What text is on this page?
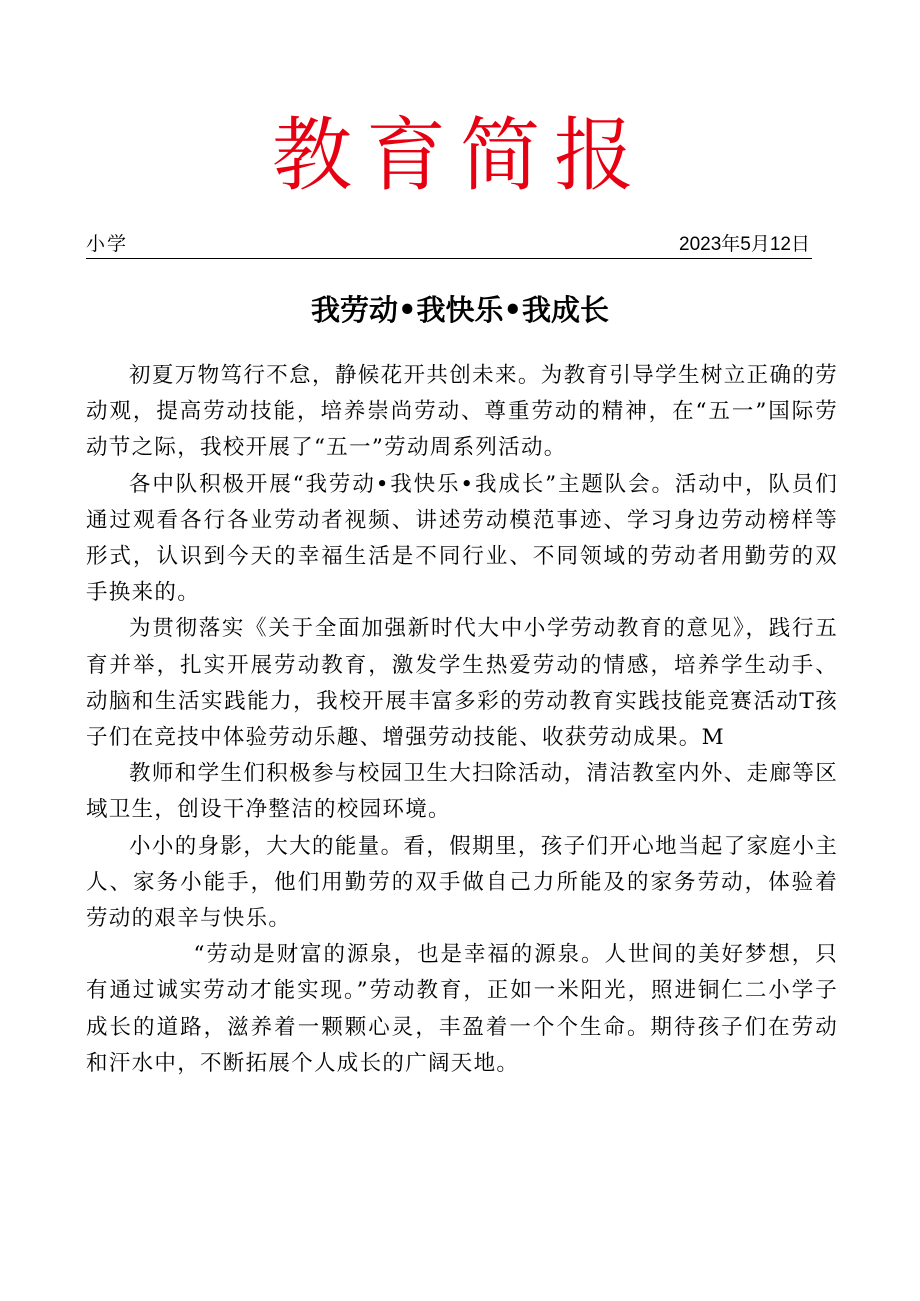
教育简报
小学	2023年5月12日
我劳动•我快乐•我成长

初夏万物笃行不怠，静候花开共创未来。为教育引导学生树立正确的劳动观，提高劳动技能，培养崇尚劳动、尊重劳动的精神，在“五一”国际劳动节之际，我校开展了“五一”劳动周系列活动。

各中队积极开展“我劳动•我快乐•我成长”主题队会。活动中，队员们通过观看各行各业劳动者视频、讲述劳动模范事迹、学习身边劳动榜样等形式，认识到今天的幸福生活是不同行业、不同领域的劳动者用勤劳的双手换来的。

为贯彻落实《关于全面加强新时代大中小学劳动教育的意见》，践行五育并举，扎实开展劳动教育，激发学生热爱劳动的情感，培养学生动手、动脑和生活实践能力，我校开展丰富多彩的劳动教育实践技能竞赛活动T孩子们在竞技中体验劳动乐趣、增强劳动技能、收获劳动成果。M

教师和学生们积极参与校园卫生大扫除活动，清洁教室内外、走廊等区域卫生，创设干净整洁的校园环境。

小小的身影，大大的能量。看，假期里，孩子们开心地当起了家庭小主人、家务小能手，他们用勤劳的双手做自己力所能及的家务劳动，体验着劳动的艰辛与快乐。

“劳动是财富的源泉，也是幸福的源泉。人世间的美好梦想，只有通过诚实劳动才能实现。”劳动教育，正如一米阳光，照进铜仁二小学子成长的道路，滋养着一颗颗心灵，丰盈着一个个生命。期待孩子们在劳动和汗水中，不断拓展个人成长的广阔天地。
